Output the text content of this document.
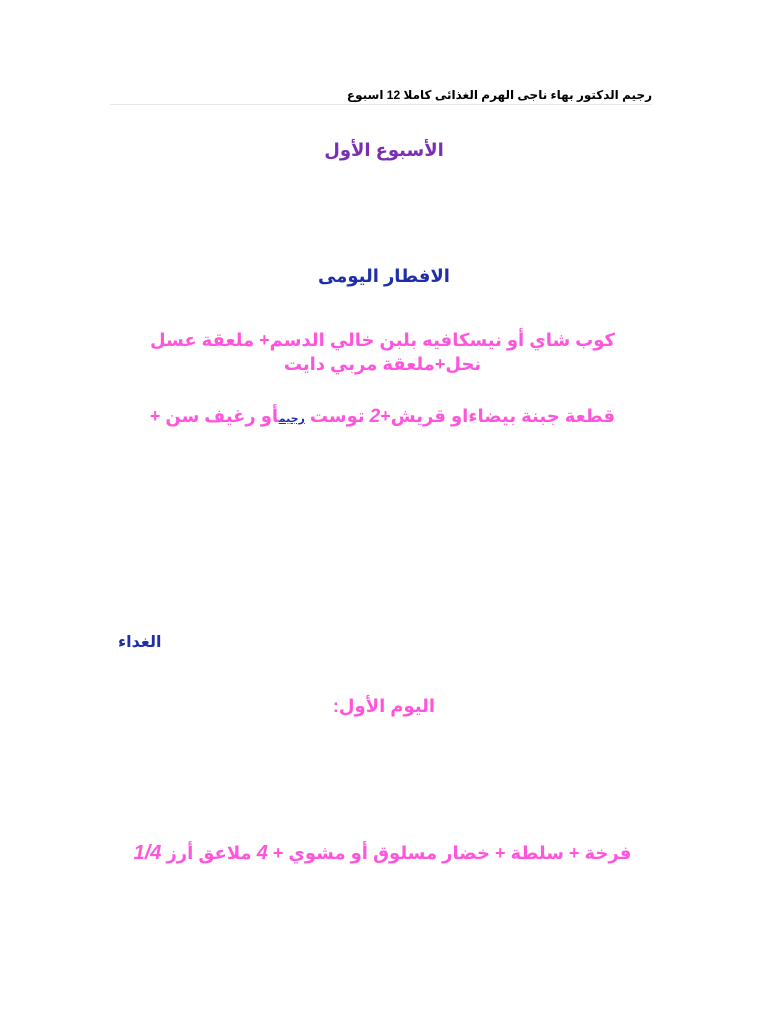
رجيم الدكتور بهاء ناجى الهرم الغذائى كاملا 12 اسبوع
الأسبوع الأول
الافطار اليومى
كوب شاي أو نيسكافيه بلبن خالي الدسم+ ملعقة عسل نحل+ملعقة مربي دايت
قطعة جبنة بيضاءاو قريش+2 توست رجيمأو رغيف سن +
الغداء
اليوم الأول:
فرخة + سلطة + خضار مسلوق أو مشوي + 4 ملاعق أرز 1/4
